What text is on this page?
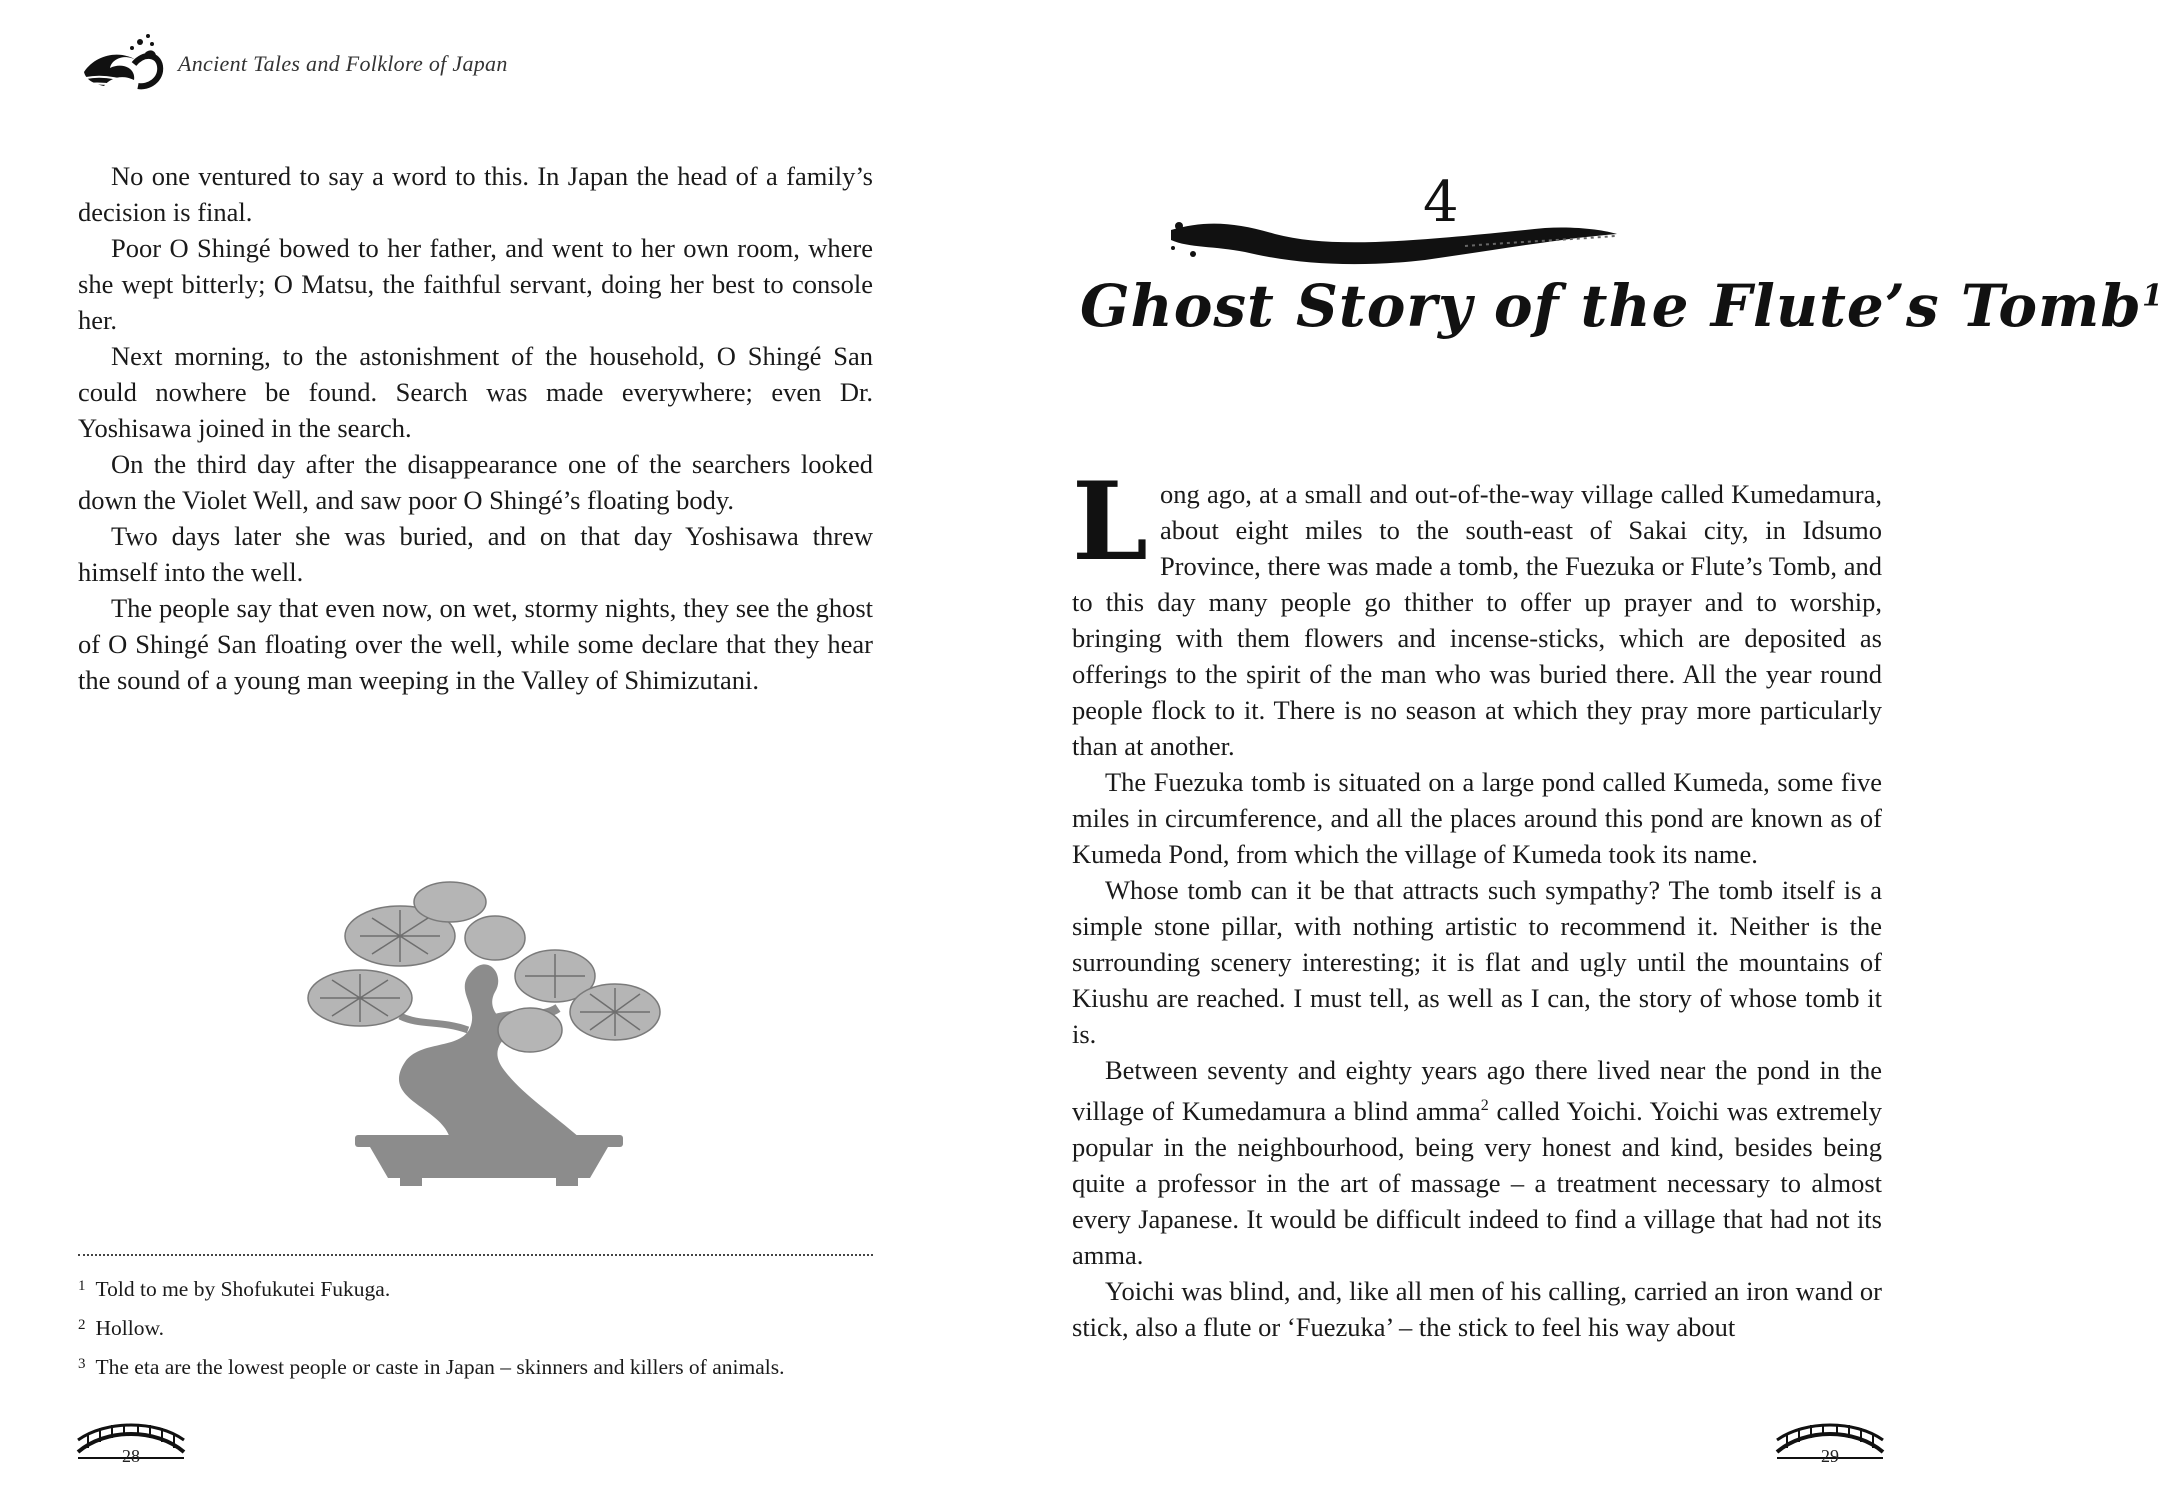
Ancient Tales and Folklore of Japan

No one ventured to say a word to this. In Japan the head of a family’s decision is final.

Poor O Shingé bowed to her father, and went to her own room, where she wept bitterly; O Matsu, the faithful servant, doing her best to console her.

Next morning, to the astonishment of the household, O Shingé San could nowhere be found. Search was made everywhere; even Dr. Yoshisawa joined in the search.

On the third day after the disappearance one of the searchers looked down the Violet Well, and saw poor O Shingé’s floating body.

Two days later she was buried, and on that day Yoshisawa threw himself into the well.

The people say that even now, on wet, stormy nights, they see the ghost of O Shingé San floating over the well, while some declare that they hear the sound of a young man weeping in the Valley of Shimizutani.

$^1$ Told to me by Shofukutei Fukuga.
$^2$ Hollow.
$^3$ The eta are the lowest people or caste in Japan – skinners and killers of animals.
28
4
Ghost Story of the Flute’s Tomb$^1$

Long ago, at a small and out-of-the-way village called Kumedamura, about eight miles to the south-east of Sakai city, in Idsumo Province, there was made a tomb, the Fuezuka or Flute’s Tomb, and to this day many people go thither to offer up prayer and to worship, bringing with them flowers and incense-sticks, which are deposited as offerings to the spirit of the man who was buried there. All the year round people flock to it. There is no season at which they pray more particularly than at another.

The Fuezuka tomb is situated on a large pond called Kumeda, some five miles in circumference, and all the places around this pond are known as of Kumeda Pond, from which the village of Kumeda took its name.

Whose tomb can it be that attracts such sympathy? The tomb itself is a simple stone pillar, with nothing artistic to recommend it. Neither is the surrounding scenery interesting; it is flat and ugly until the mountains of Kiushu are reached. I must tell, as well as I can, the story of whose tomb it is.

Between seventy and eighty years ago there lived near the pond in the village of Kumedamura a blind amma$^2$ called Yoichi. Yoichi was extremely popular in the neighbourhood, being very honest and kind, besides being quite a professor in the art of massage – a treatment necessary to almost every Japanese. It would be difficult indeed to find a village that had not its amma.

Yoichi was blind, and, like all men of his calling, carried an iron wand or stick, also a flute or ‘Fuezuka’ – the stick to feel his way about

29
